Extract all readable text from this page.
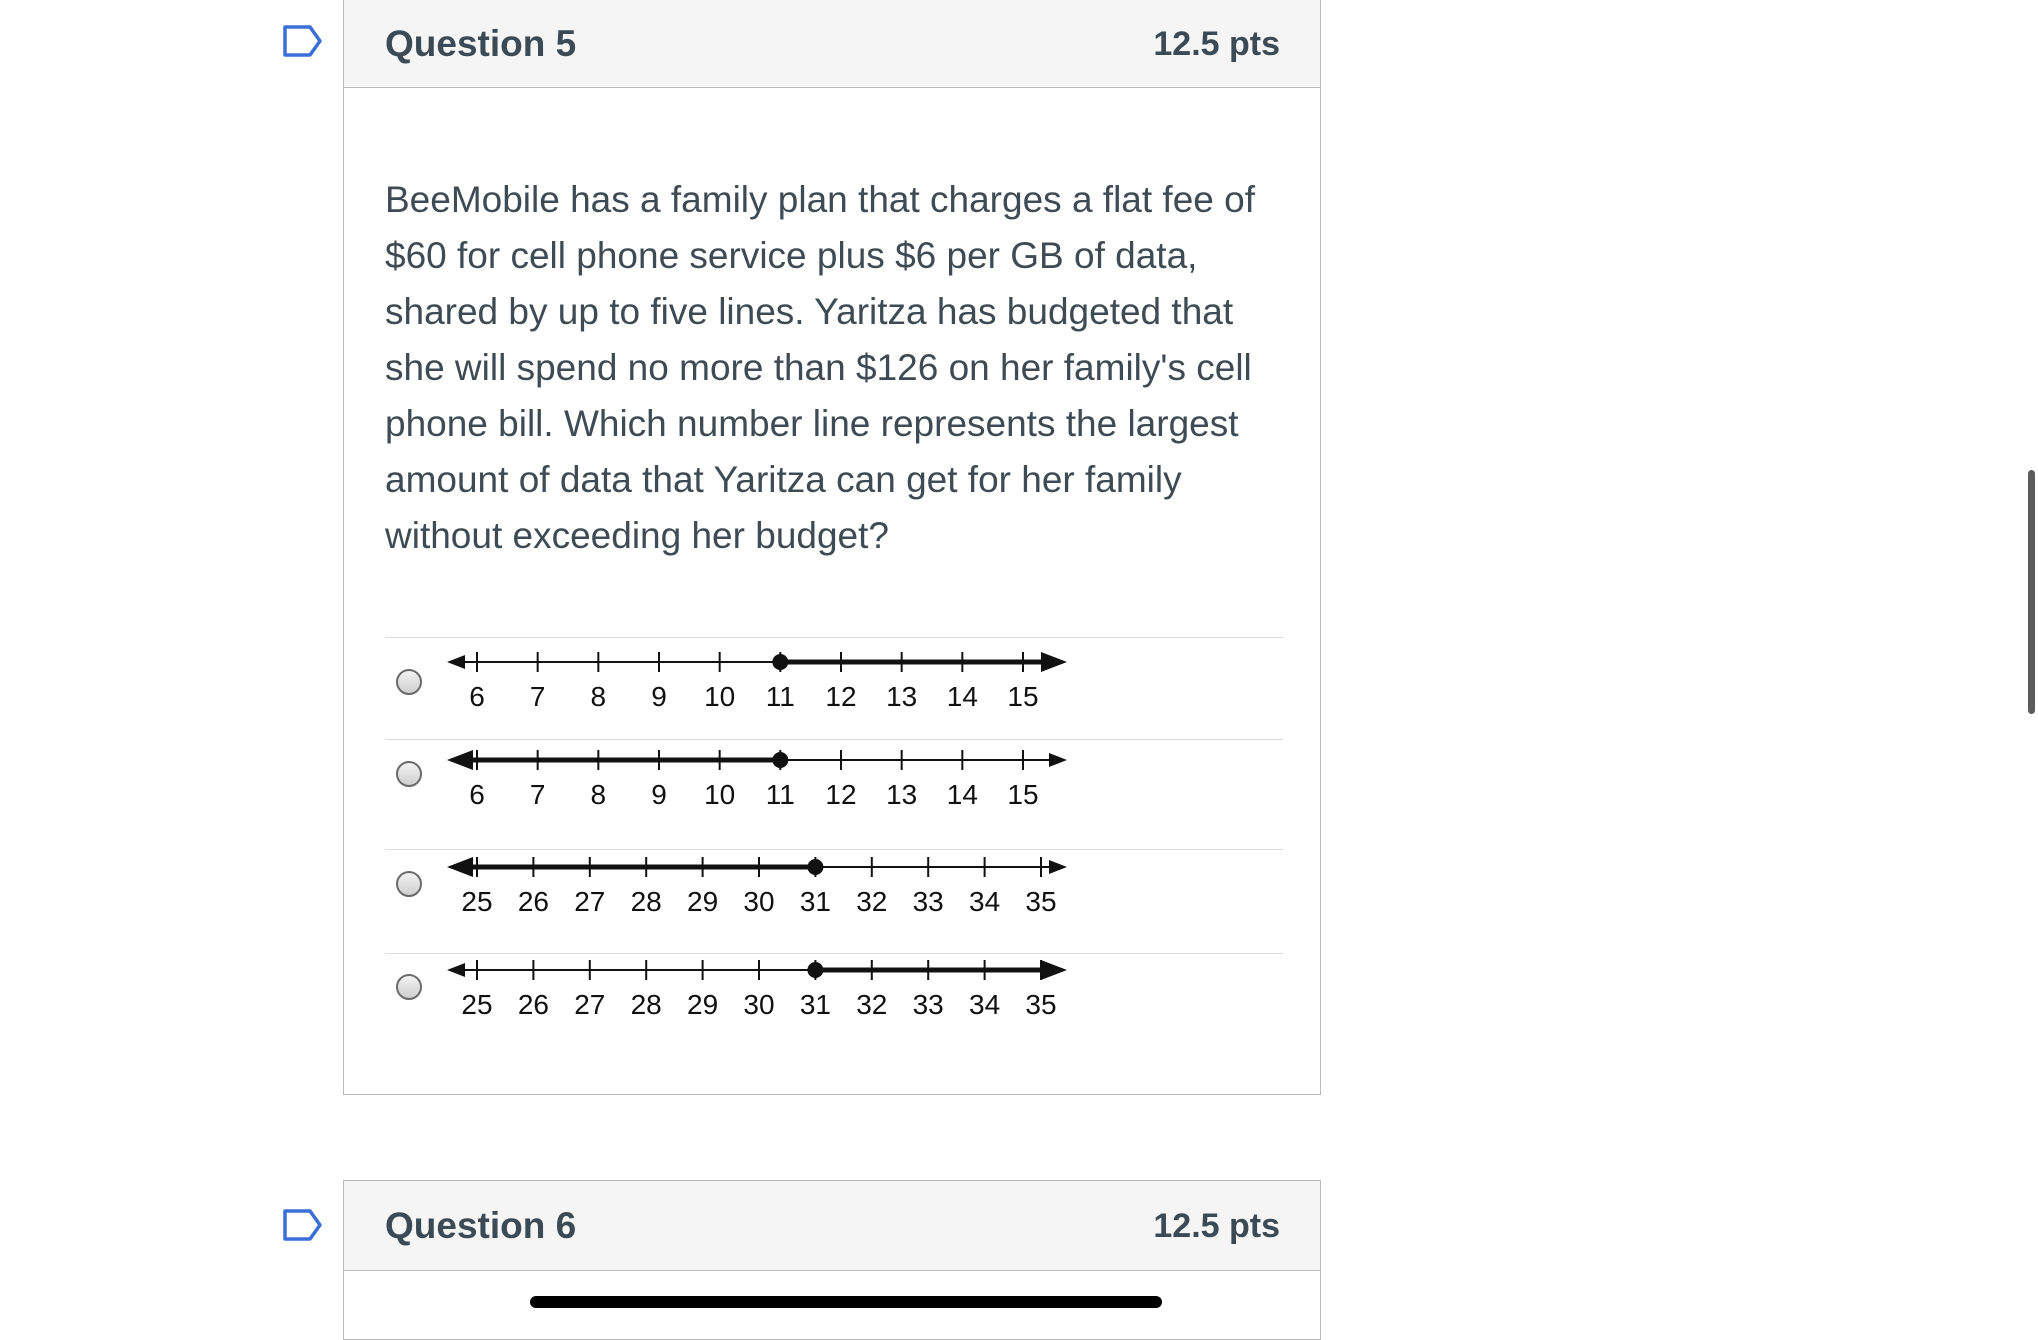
Question 5	12.5 pts
BeeMobile has a family plan that charges a flat fee of $60 for cell phone service plus $6 per GB of data, shared by up to five lines. Yaritza has budgeted that she will spend no more than $126 on her family's cell phone bill. Which number line represents the largest amount of data that Yaritza can get for her family without exceeding her budget?
6 7 8 9 10 11 12 13 14 15
6 7 8 9 10 11 12 13 14 15
25 26 27 28 29 30 31 32 33 34 35
25 26 27 28 29 30 31 32 33 34 35
Question 6	12.5 pts
